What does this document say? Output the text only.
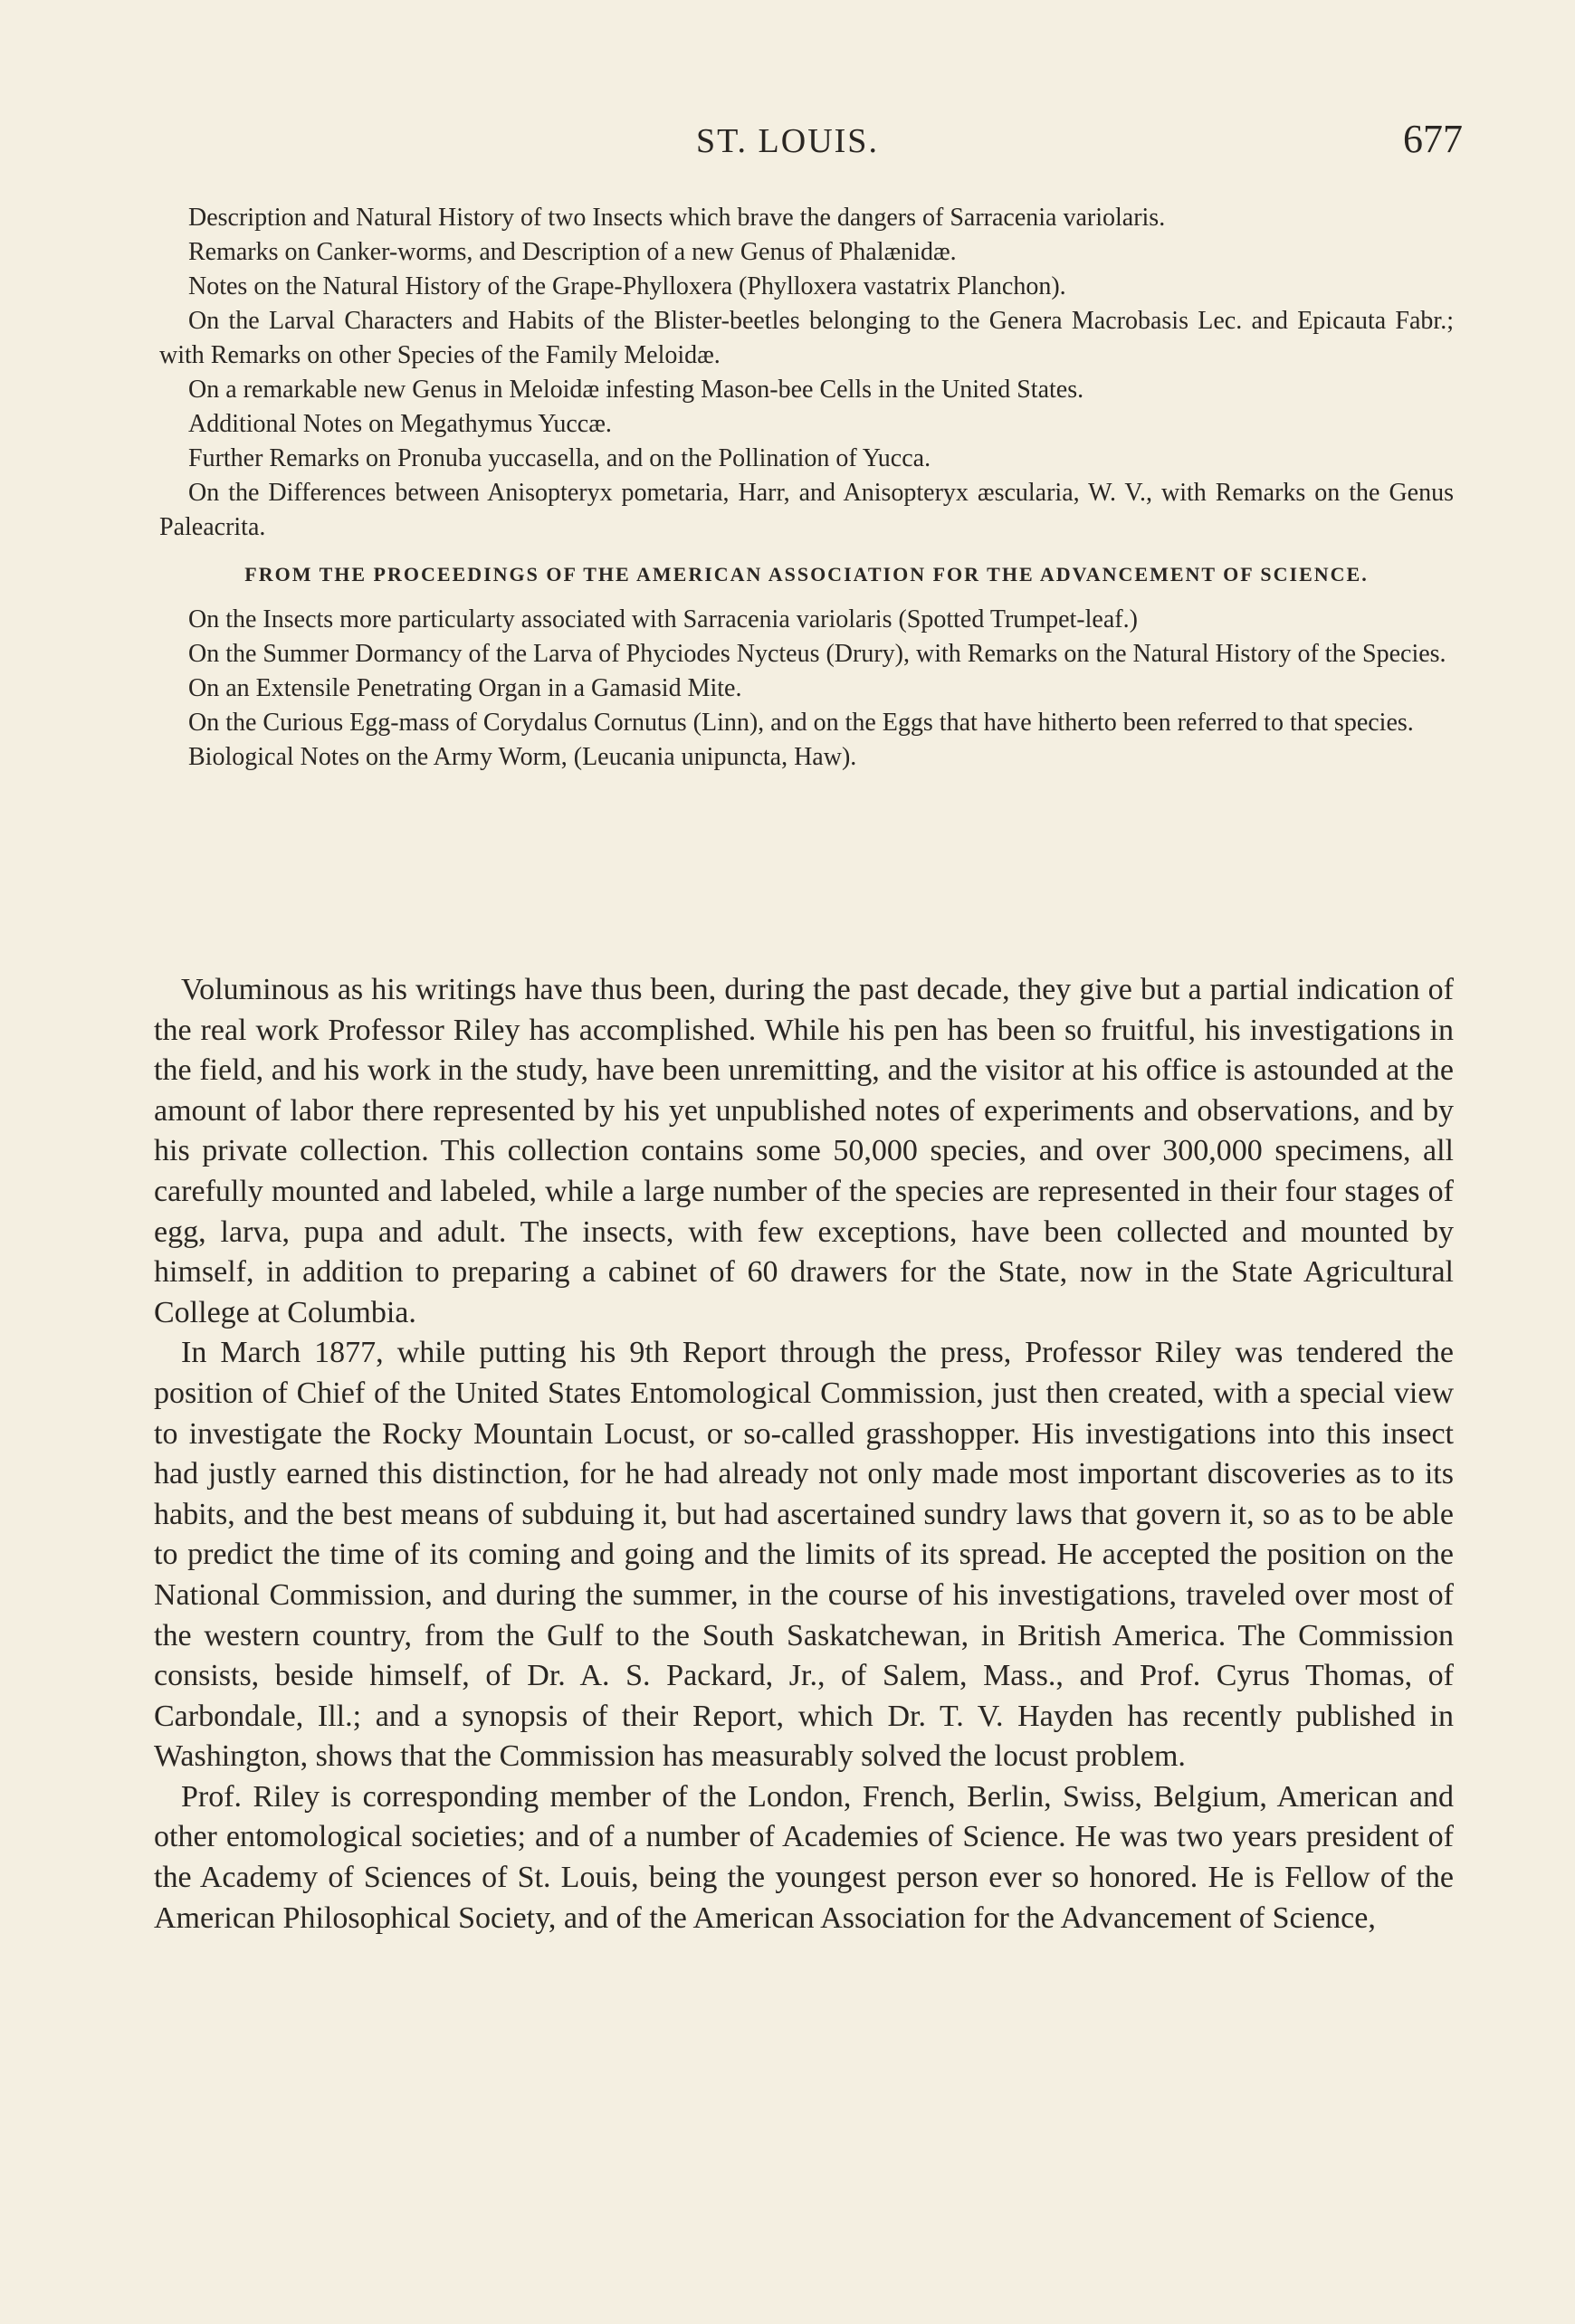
ST. LOUIS.	677

Description and Natural History of two Insects which brave the dangers of Sarracenia variolaris.

Remarks on Canker-worms, and Description of a new Genus of Phalænidæ.

Notes on the Natural History of the Grape-Phylloxera (Phylloxera vastatrix Planchon).

On the Larval Characters and Habits of the Blister-beetles belonging to the Genera Macrobasis Lec. and Epicauta Fabr.; with Remarks on other Species of the Family Meloidæ.

On a remarkable new Genus in Meloidæ infesting Mason-bee Cells in the United States.

Additional Notes on Megathymus Yuccæ.

Further Remarks on Pronuba yuccasella, and on the Pollination of Yucca.

On the Differences between Anisopteryx pometaria, Harr, and Anisopteryx æscularia, W. V., with Remarks on the Genus Paleacrita.

FROM THE PROCEEDINGS OF THE AMERICAN ASSOCIATION FOR THE ADVANCEMENT OF SCIENCE.

On the Insects more particularty associated with Sarracenia variolaris (Spotted Trumpet-leaf.)

On the Summer Dormancy of the Larva of Phyciodes Nycteus (Drury), with Remarks on the Natural History of the Species.

On an Extensile Penetrating Organ in a Gamasid Mite.

On the Curious Egg-mass of Corydalus Cornutus (Linn), and on the Eggs that have hitherto been referred to that species.

Biological Notes on the Army Worm, (Leucania unipuncta, Haw).

Voluminous as his writings have thus been, during the past decade, they give but a partial indication of the real work Professor Riley has accomplished. While his pen has been so fruitful, his investigations in the field, and his work in the study, have been unremitting, and the visitor at his office is astounded at the amount of labor there represented by his yet unpublished notes of experiments and observations, and by his private collection. This collection contains some 50,000 species, and over 300,000 specimens, all carefully mounted and labeled, while a large number of the species are represented in their four stages of egg, larva, pupa and adult. The insects, with few exceptions, have been collected and mounted by himself, in addition to preparing a cabinet of 60 drawers for the State, now in the State Agricultural College at Columbia.

In March 1877, while putting his 9th Report through the press, Professor Riley was tendered the position of Chief of the United States Entomological Commission, just then created, with a special view to investigate the Rocky Mountain Locust, or so-called grasshopper. His investigations into this insect had justly earned this distinction, for he had already not only made most important discoveries as to its habits, and the best means of subduing it, but had ascertained sundry laws that govern it, so as to be able to predict the time of its coming and going and the limits of its spread. He accepted the position on the National Commission, and during the summer, in the course of his investigations, traveled over most of the western country, from the Gulf to the South Saskatchewan, in British America. The Commission consists, beside himself, of Dr. A. S. Packard, Jr., of Salem, Mass., and Prof. Cyrus Thomas, of Carbondale, Ill.; and a synopsis of their Report, which Dr. T. V. Hayden has recently published in Washington, shows that the Commission has measurably solved the locust problem.

Prof. Riley is corresponding member of the London, French, Berlin, Swiss, Belgium, American and other entomological societies; and of a number of Academies of Science. He was two years president of the Academy of Sciences of St. Louis, being the youngest person ever so honored. He is Fellow of the American Philosophical Society, and of the American Association for the Advancement of Science,
